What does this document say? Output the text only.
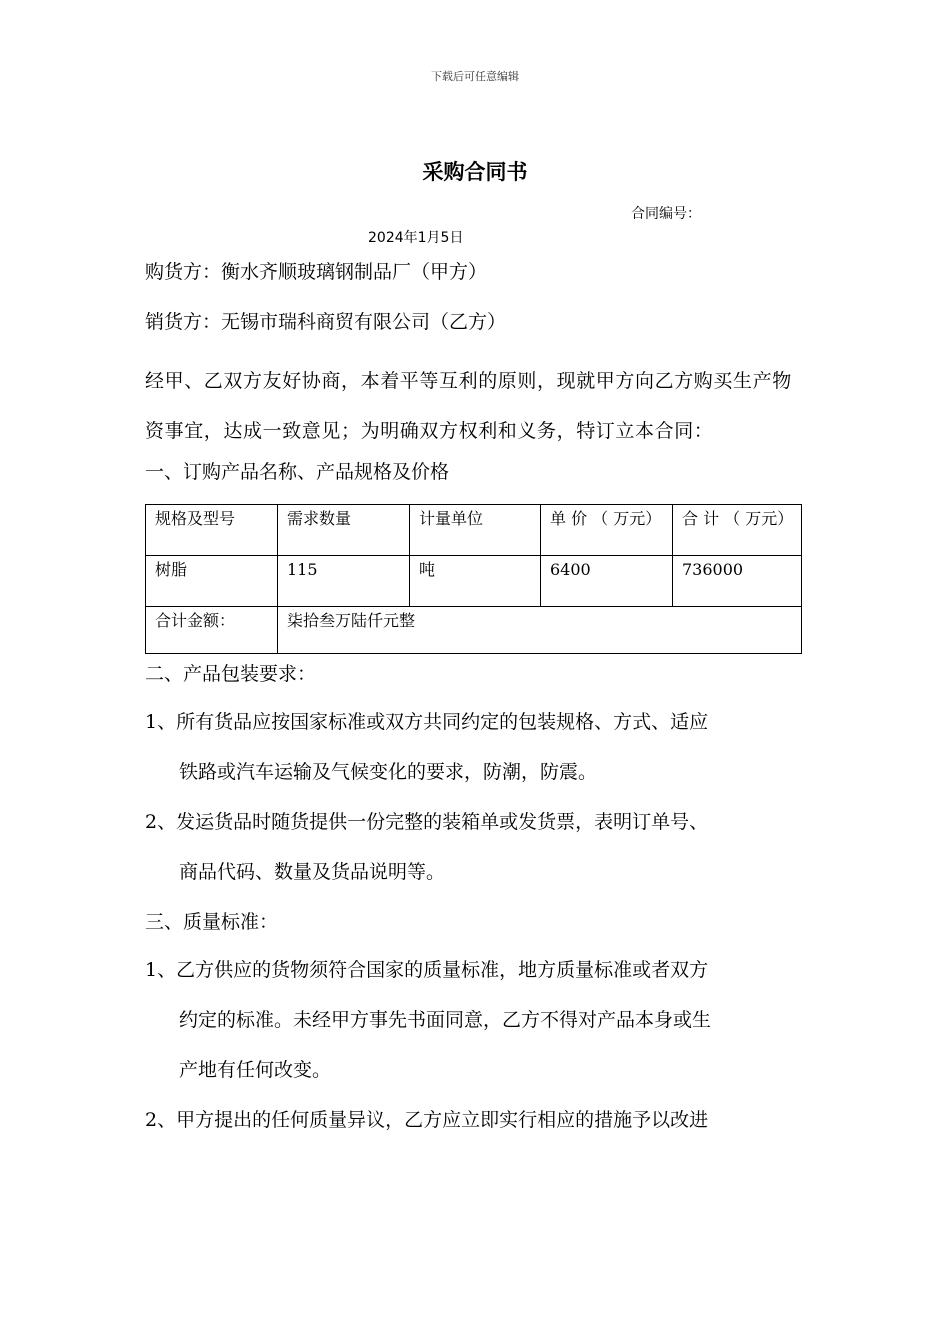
下载后可任意编辑
采购合同书
合同编号：
2024年1月5日
购货方：衡水齐顺玻璃钢制品厂（甲方）
销货方：无锡市瑞科商贸有限公司（乙方）
经甲、乙双方友好协商，本着平等互利的原则，现就甲方向乙方购买生产物资事宜，达成一致意见；为明确双方权利和义务，特订立本合同：
一、订购产品名称、产品规格及价格
规格及型号	需求数量	计量单位	单 价 （ 万元）	合 计 （ 万元）
树脂	115	吨	6400	736000
合计金额：	柒拾叁万陆仟元整			
二、产品包装要求：
1、所有货品应按国家标准或双方共同约定的包装规格、方式、适应
铁路或汽车运输及气候变化的要求，防潮，防震。
2、发运货品时随货提供一份完整的装箱单或发货票，表明订单号、
商品代码、数量及货品说明等。
三、质量标准：
1、乙方供应的货物须符合国家的质量标准，地方质量标准或者双方
约定的标准。未经甲方事先书面同意，乙方不得对产品本身或生
产地有任何改变。
2、甲方提出的任何质量异议，乙方应立即实行相应的措施予以改进
